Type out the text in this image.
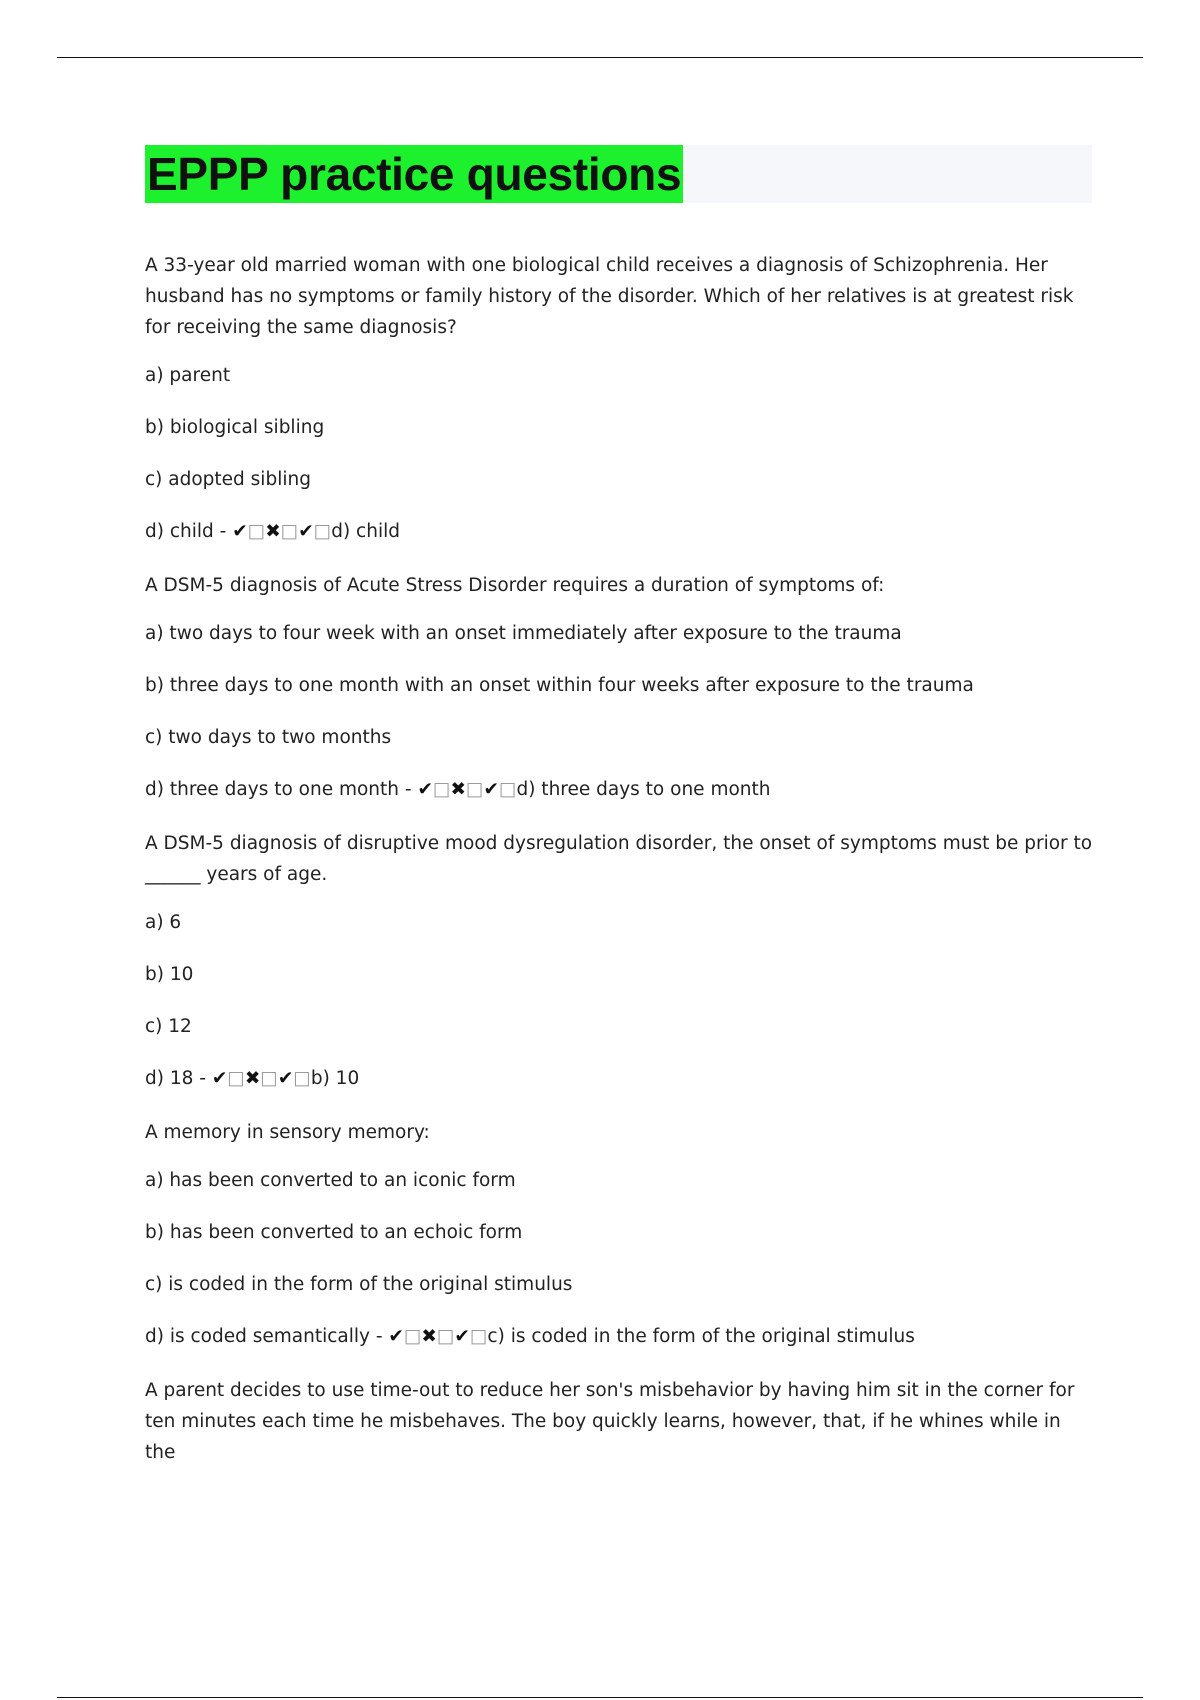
EPPP practice questions

A 33-year old married woman with one biological child receives a diagnosis of Schizophrenia. Her husband has no symptoms or family history of the disorder. Which of her relatives is at greatest risk for receiving the same diagnosis?

a) parent

b) biological sibling

c) adopted sibling

d) child - ✔□✖□✔□d) child

A DSM-5 diagnosis of Acute Stress Disorder requires a duration of symptoms of:

a) two days to four week with an onset immediately after exposure to the trauma

b) three days to one month with an onset within four weeks after exposure to the trauma

c) two days to two months

d) three days to one month - ✔□✖□✔□d) three days to one month

A DSM-5 diagnosis of disruptive mood dysregulation disorder, the onset of symptoms must be prior to ______ years of age.

a) 6

b) 10

c) 12

d) 18 - ✔□✖□✔□b) 10

A memory in sensory memory:

a) has been converted to an iconic form

b) has been converted to an echoic form

c) is coded in the form of the original stimulus

d) is coded semantically - ✔□✖□✔□c) is coded in the form of the original stimulus

A parent decides to use time-out to reduce her son's misbehavior by having him sit in the corner for ten minutes each time he misbehaves. The boy quickly learns, however, that, if he whines while in the
